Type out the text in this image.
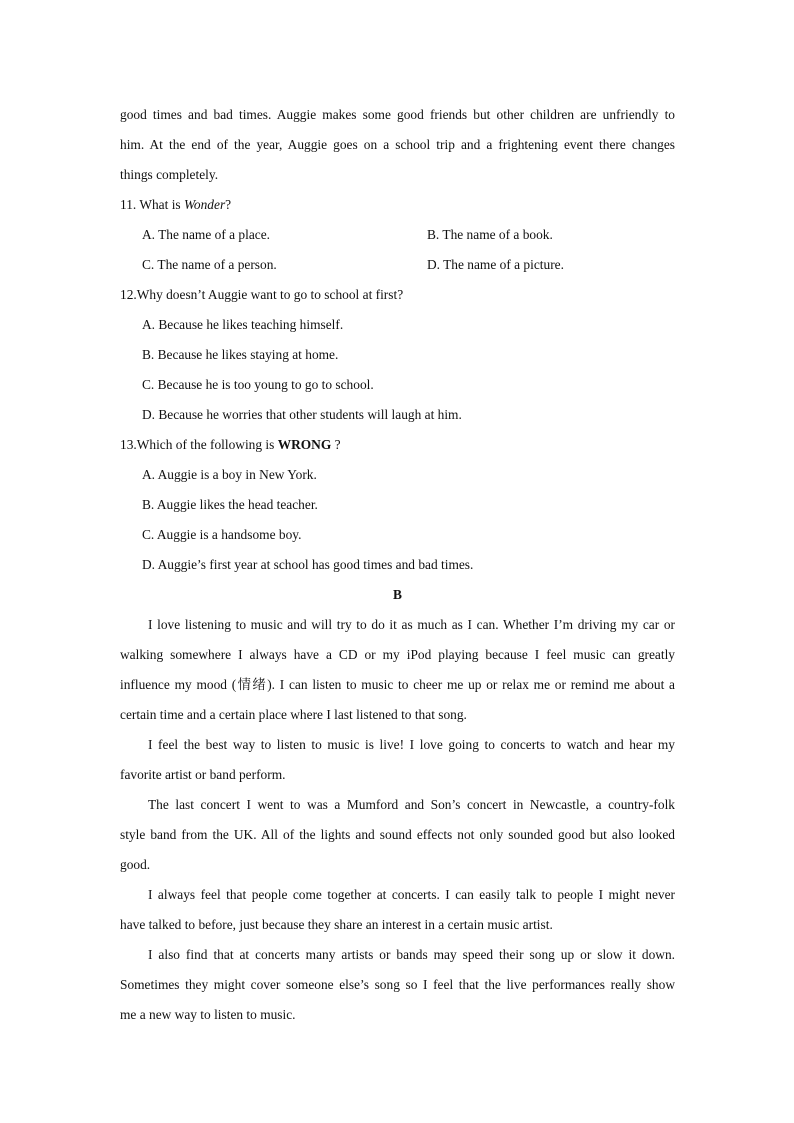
good times and bad times. Auggie makes some good friends but other children are unfriendly to
him. At the end of the year, Auggie goes on a school trip and a frightening event there changes
things completely.
11. What is Wonder?
A. The name of a place.	B. The name of a book.
C. The name of a person.	D. The name of a picture.
12.Why doesn’t Auggie want to go to school at first?
A. Because he likes teaching himself.
B. Because he likes staying at home.
C. Because he is too young to go to school.
D. Because he worries that other students will laugh at him.
13.Which of the following is WRONG ?
A. Auggie is a boy in New York.
B. Auggie likes the head teacher.
C. Auggie is a handsome boy.
D. Auggie’s first year at school has good times and bad times.
B
I love listening to music and will try to do it as much as I can. Whether I’m driving my car or
walking somewhere I always have a CD or my iPod playing because I feel music can greatly
influence my mood (情绪). I can listen to music to cheer me up or relax me or remind me about a
certain time and a certain place where I last listened to that song.
I feel the best way to listen to music is live! I love going to concerts to watch and hear my
favorite artist or band perform.
The last concert I went to was a Mumford and Son’s concert in Newcastle, a country-folk
style band from the UK. All of the lights and sound effects not only sounded good but also looked
good.
I always feel that people come together at concerts. I can easily talk to people I might never
have talked to before, just because they share an interest in a certain music artist.
I also find that at concerts many artists or bands may speed their song up or slow it down.
Sometimes they might cover someone else’s song so I feel that the live performances really show
me a new way to listen to music.
